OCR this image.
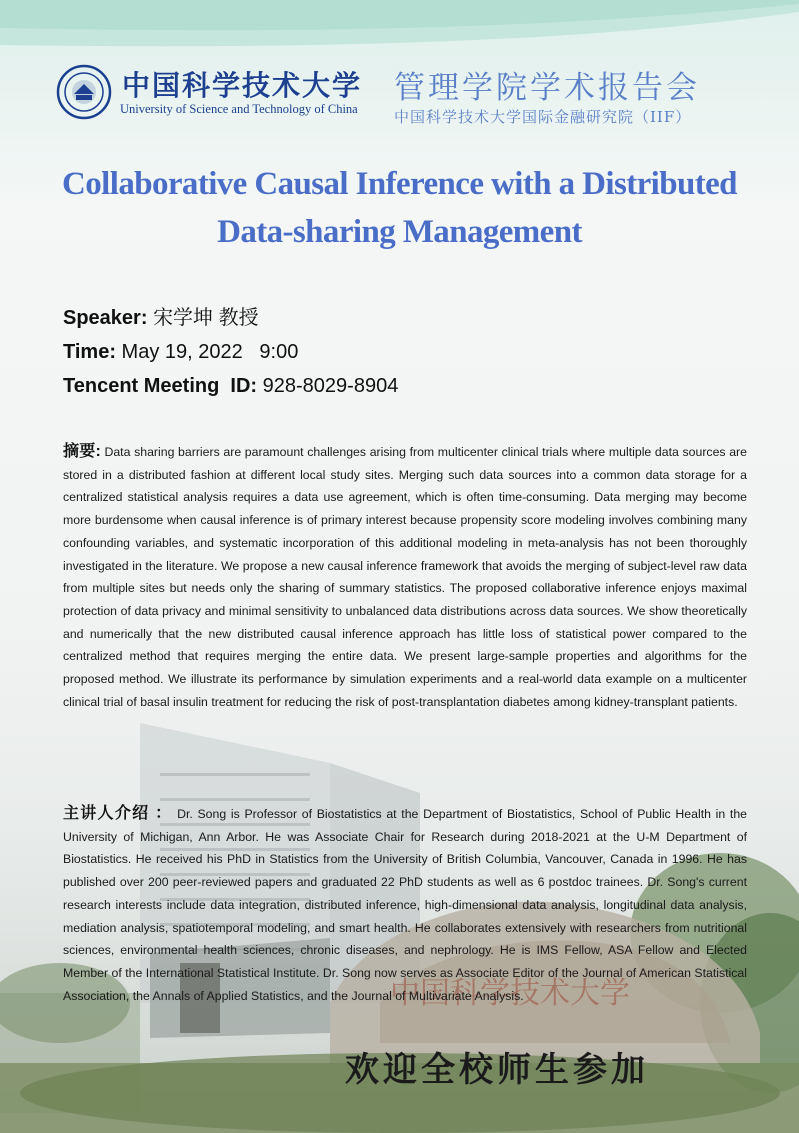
中国科学技术大学
中国科学技术大学
University of Science and Technology of China
管理学院学术报告会
中国科学技术大学国际金融研究院（IIF）
Collaborative Causal Inference with a Distributed
Data-sharing Management
Speaker: 宋学坤 教授
Time: May 19, 2022   9:00
Tencent Meeting  ID: 928-8029-8904
摘要: Data sharing barriers are paramount challenges arising from multicenter clinical trials where multiple data sources are stored in a distributed fashion at different local study sites. Merging such data sources into a common data storage for a centralized statistical analysis requires a data use agreement, which is often time-consuming. Data merging may become more burdensome when causal inference is of primary interest because propensity score modeling involves combining many confounding variables, and systematic incorporation of this additional modeling in meta-analysis has not been thoroughly investigated in the literature. We propose a new causal inference framework that avoids the merging of subject-level raw data from multiple sites but needs only the sharing of summary statistics. The proposed collaborative inference enjoys maximal protection of data privacy and minimal sensitivity to unbalanced data distributions across data sources. We show theoretically and numerically that the new distributed causal inference approach has little loss of statistical power compared to the centralized method that requires merging the entire data. We present large-sample properties and algorithms for the proposed method. We illustrate its performance by simulation experiments and a real-world data example on a multicenter clinical trial of basal insulin treatment for reducing the risk of post-transplantation diabetes among kidney-transplant patients.
主讲人介绍 ： Dr. Song is Professor of Biostatistics at the Department of Biostatistics, School of Public Health in the University of Michigan, Ann Arbor. He was Associate Chair for Research during 2018-2021 at the U-M Department of Biostatistics. He received his PhD in Statistics from the University of British Columbia, Vancouver, Canada in 1996. He has published over 200 peer-reviewed papers and graduated 22 PhD students as well as 6 postdoc trainees. Dr. Song's current research interests include data integration, distributed inference, high-dimensional data analysis, longitudinal data analysis, mediation analysis, spatiotemporal modeling, and smart health. He collaborates extensively with researchers from nutritional sciences, environmental health sciences, chronic diseases, and nephrology. He is IMS Fellow, ASA Fellow and Elected Member of the International Statistical Institute. Dr. Song now serves as Associate Editor of the Journal of American Statistical Association, the Annals of Applied Statistics, and the Journal of Multivariate Analysis.
欢迎全校师生参加
